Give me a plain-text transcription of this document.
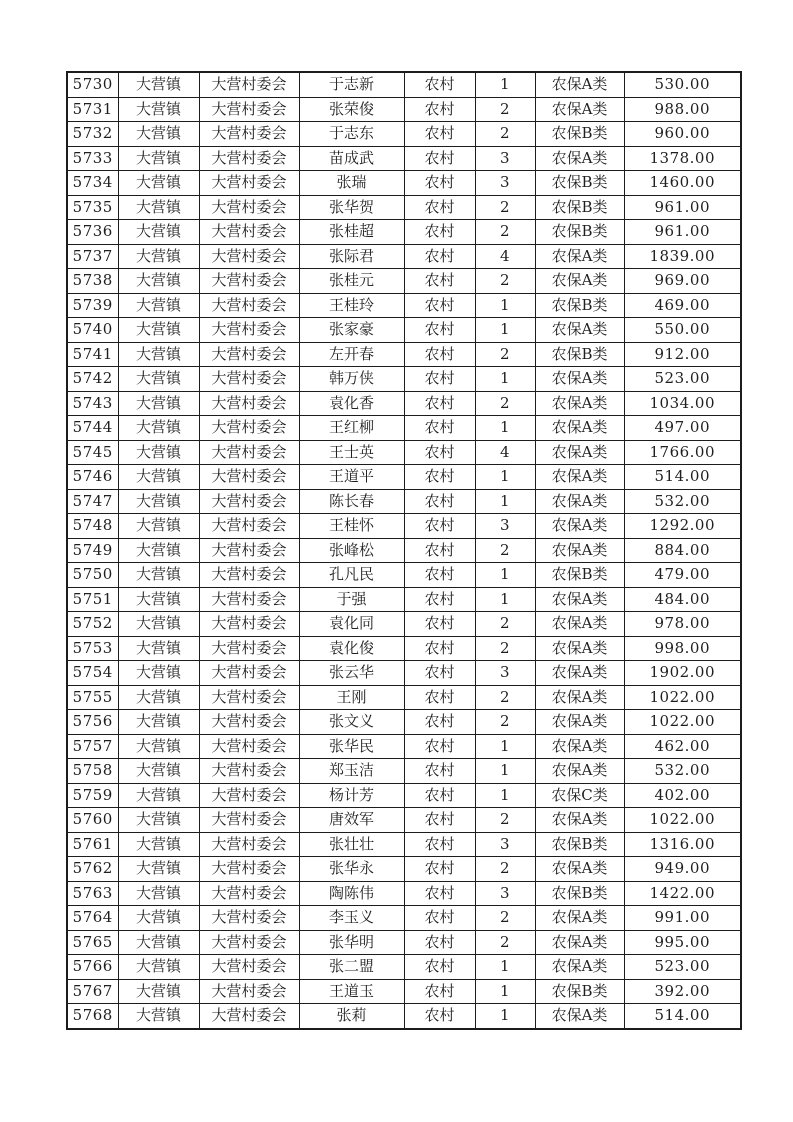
5730	大营镇	大营村委会	于志新	农村	1	农保A类	530.00
5731	大营镇	大营村委会	张荣俊	农村	2	农保A类	988.00
5732	大营镇	大营村委会	于志东	农村	2	农保B类	960.00
5733	大营镇	大营村委会	苗成武	农村	3	农保A类	1378.00
5734	大营镇	大营村委会	张瑞	农村	3	农保B类	1460.00
5735	大营镇	大营村委会	张华贺	农村	2	农保B类	961.00
5736	大营镇	大营村委会	张桂超	农村	2	农保B类	961.00
5737	大营镇	大营村委会	张际君	农村	4	农保A类	1839.00
5738	大营镇	大营村委会	张桂元	农村	2	农保A类	969.00
5739	大营镇	大营村委会	王桂玲	农村	1	农保B类	469.00
5740	大营镇	大营村委会	张家豪	农村	1	农保A类	550.00
5741	大营镇	大营村委会	左开春	农村	2	农保B类	912.00
5742	大营镇	大营村委会	韩万侠	农村	1	农保A类	523.00
5743	大营镇	大营村委会	袁化香	农村	2	农保A类	1034.00
5744	大营镇	大营村委会	王红柳	农村	1	农保A类	497.00
5745	大营镇	大营村委会	王士英	农村	4	农保A类	1766.00
5746	大营镇	大营村委会	王道平	农村	1	农保A类	514.00
5747	大营镇	大营村委会	陈长春	农村	1	农保A类	532.00
5748	大营镇	大营村委会	王桂怀	农村	3	农保A类	1292.00
5749	大营镇	大营村委会	张峰松	农村	2	农保A类	884.00
5750	大营镇	大营村委会	孔凡民	农村	1	农保B类	479.00
5751	大营镇	大营村委会	于强	农村	1	农保A类	484.00
5752	大营镇	大营村委会	袁化同	农村	2	农保A类	978.00
5753	大营镇	大营村委会	袁化俊	农村	2	农保A类	998.00
5754	大营镇	大营村委会	张云华	农村	3	农保A类	1902.00
5755	大营镇	大营村委会	王刚	农村	2	农保A类	1022.00
5756	大营镇	大营村委会	张文义	农村	2	农保A类	1022.00
5757	大营镇	大营村委会	张华民	农村	1	农保A类	462.00
5758	大营镇	大营村委会	郑玉洁	农村	1	农保A类	532.00
5759	大营镇	大营村委会	杨计芳	农村	1	农保C类	402.00
5760	大营镇	大营村委会	唐效军	农村	2	农保A类	1022.00
5761	大营镇	大营村委会	张壮壮	农村	3	农保B类	1316.00
5762	大营镇	大营村委会	张华永	农村	2	农保A类	949.00
5763	大营镇	大营村委会	陶陈伟	农村	3	农保B类	1422.00
5764	大营镇	大营村委会	李玉义	农村	2	农保A类	991.00
5765	大营镇	大营村委会	张华明	农村	2	农保A类	995.00
5766	大营镇	大营村委会	张二盟	农村	1	农保A类	523.00
5767	大营镇	大营村委会	王道玉	农村	1	农保B类	392.00
5768	大营镇	大营村委会	张莉	农村	1	农保A类	514.00
